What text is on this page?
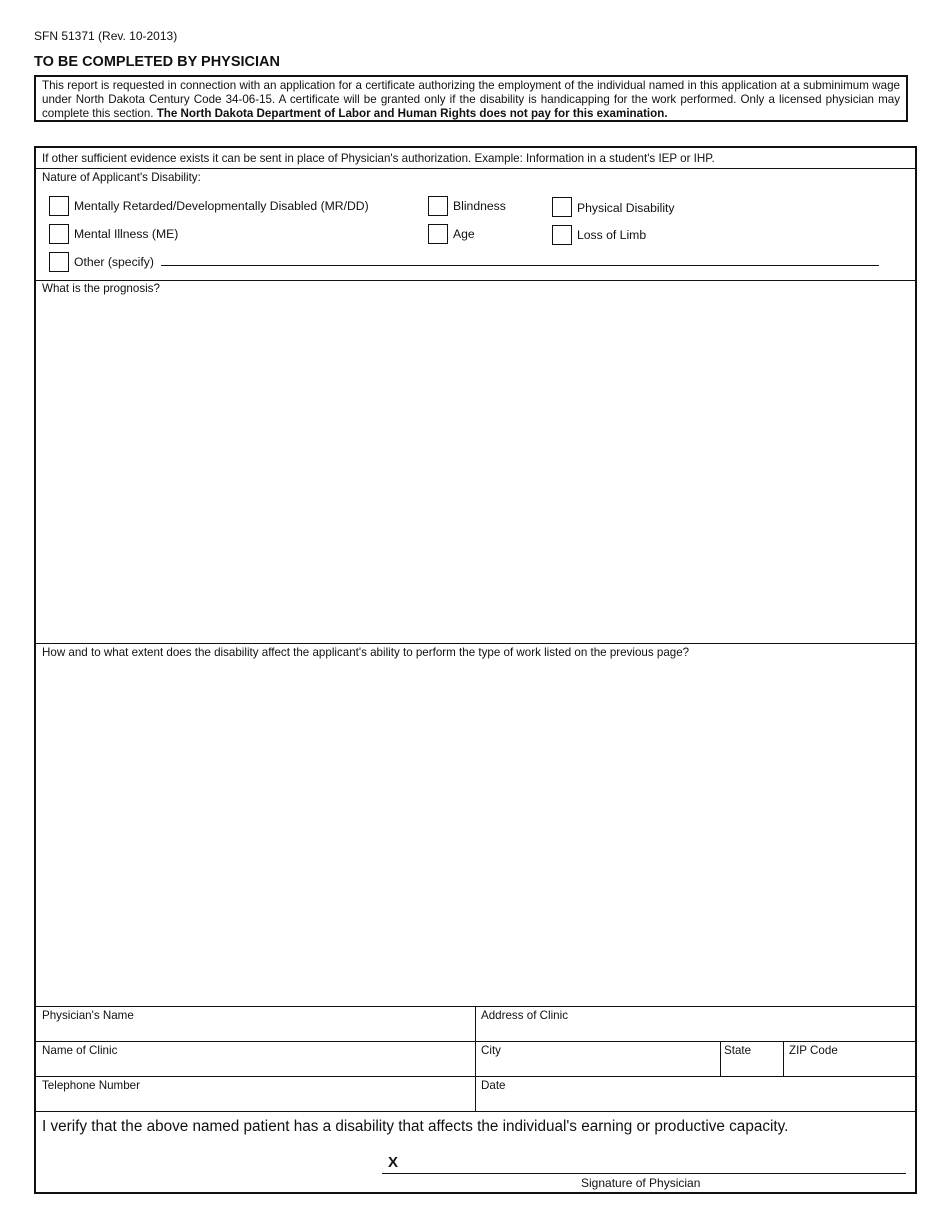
SFN 51371 (Rev. 10-2013)
TO BE COMPLETED BY PHYSICIAN
This report is requested in connection with an application for a certificate authorizing the employment of the individual named in this application at a subminimum wage under North Dakota Century Code 34-06-15. A certificate will be granted only if the disability is handicapping for the work performed. Only a licensed physician may complete this section. The North Dakota Department of Labor and Human Rights does not pay for this examination.
If other sufficient evidence exists it can be sent in place of Physician's authorization. Example: Information in a student's IEP or IHP.
Nature of Applicant's Disability:
Mentally Retarded/Developmentally Disabled (MR/DD)	Blindness	Physical Disability
Mental Illness (ME)	Age	Loss of Limb
Other (specify)
What is the prognosis?
How and to what extent does the disability affect the applicant's ability to perform the type of work listed on the previous page?
Physician's Name	Address of Clinic
Name of Clinic	City	State	ZIP Code
Telephone Number	Date
I verify that the above named patient has a disability that affects the individual's earning or productive capacity.
X
Signature of Physician
